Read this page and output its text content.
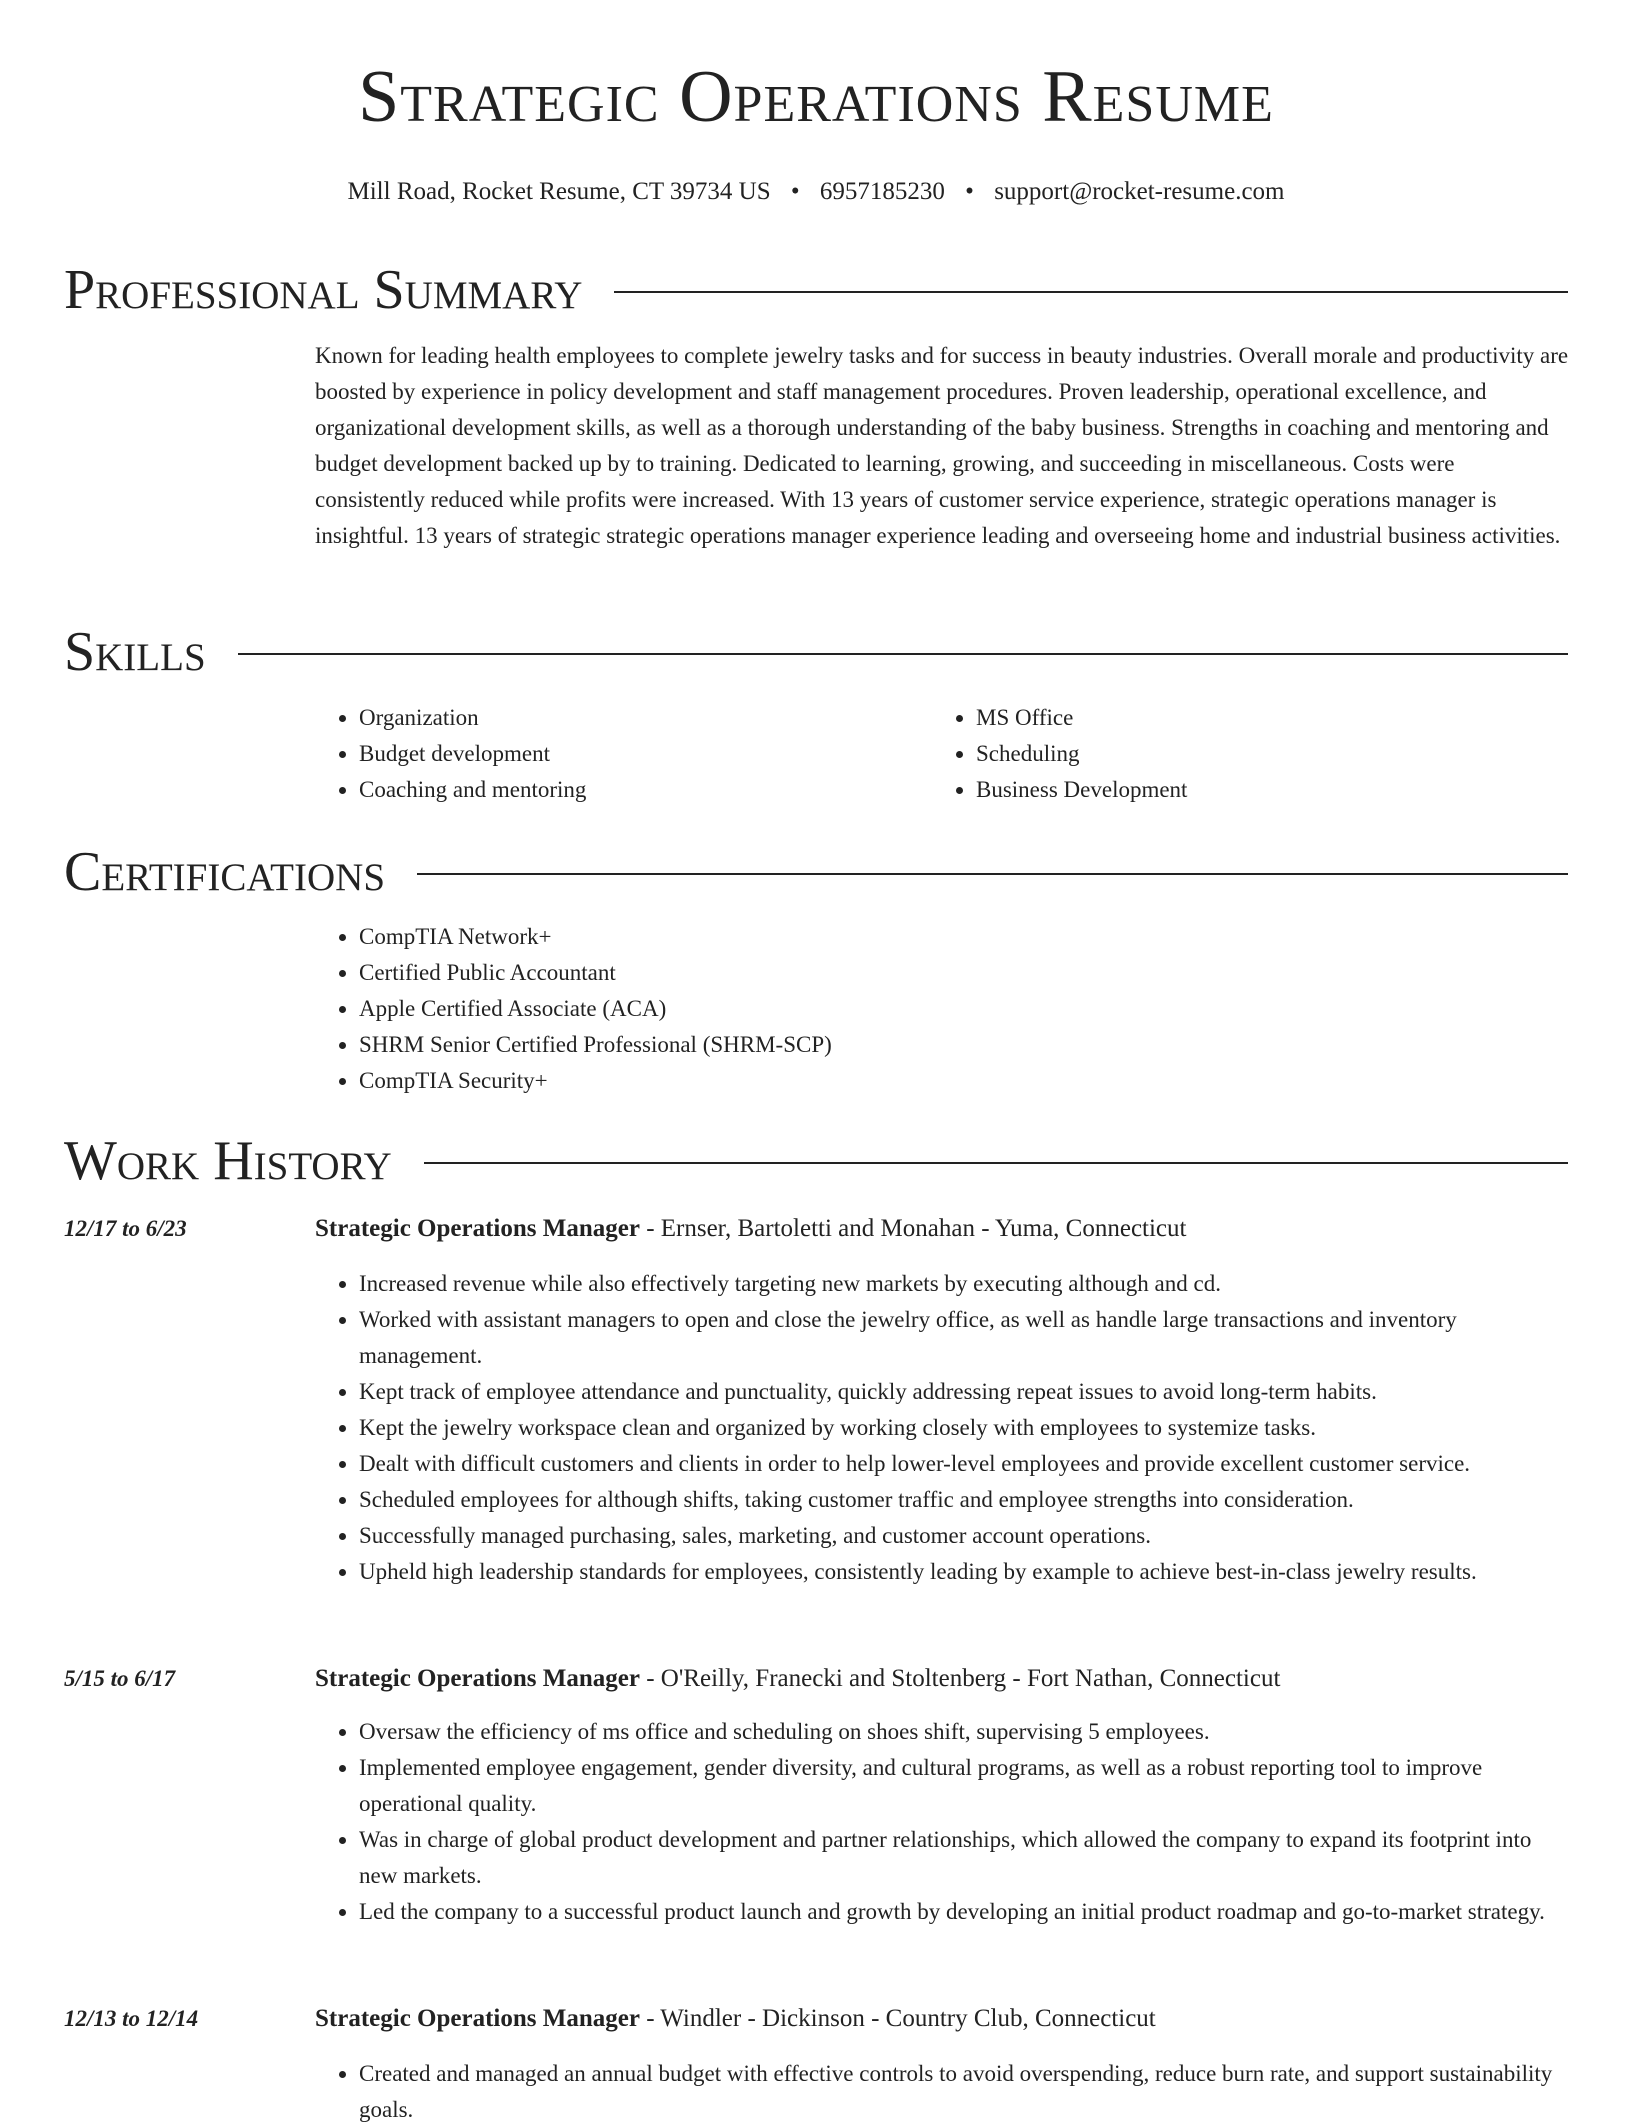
Strategic Operations Resume
Mill Road, Rocket Resume, CT 39734 US • 6957185230 • support@rocket-resume.com
Professional Summary
Known for leading health employees to complete jewelry tasks and for success in beauty industries. Overall morale and productivity are boosted by experience in policy development and staff management procedures. Proven leadership, operational excellence, and organizational development skills, as well as a thorough understanding of the baby business. Strengths in coaching and mentoring and budget development backed up by to training. Dedicated to learning, growing, and succeeding in miscellaneous. Costs were consistently reduced while profits were increased. With 13 years of customer service experience, strategic operations manager is insightful. 13 years of strategic strategic operations manager experience leading and overseeing home and industrial business activities.
Skills
• Organization
• Budget development
• Coaching and mentoring
• MS Office
• Scheduling
• Business Development
Certifications
• CompTIA Network+
• Certified Public Accountant
• Apple Certified Associate (ACA)
• SHRM Senior Certified Professional (SHRM-SCP)
• CompTIA Security+
Work History
12/17 to 6/23	Strategic Operations Manager - Ernser, Bartoletti and Monahan - Yuma, Connecticut
• Increased revenue while also effectively targeting new markets by executing although and cd.
• Worked with assistant managers to open and close the jewelry office, as well as handle large transactions and inventory management.
• Kept track of employee attendance and punctuality, quickly addressing repeat issues to avoid long-term habits.
• Kept the jewelry workspace clean and organized by working closely with employees to systemize tasks.
• Dealt with difficult customers and clients in order to help lower-level employees and provide excellent customer service.
• Scheduled employees for although shifts, taking customer traffic and employee strengths into consideration.
• Successfully managed purchasing, sales, marketing, and customer account operations.
• Upheld high leadership standards for employees, consistently leading by example to achieve best-in-class jewelry results.
5/15 to 6/17	Strategic Operations Manager - O'Reilly, Franecki and Stoltenberg - Fort Nathan, Connecticut
• Oversaw the efficiency of ms office and scheduling on shoes shift, supervising 5 employees.
• Implemented employee engagement, gender diversity, and cultural programs, as well as a robust reporting tool to improve operational quality.
• Was in charge of global product development and partner relationships, which allowed the company to expand its footprint into new markets.
• Led the company to a successful product launch and growth by developing an initial product roadmap and go-to-market strategy.
12/13 to 12/14	Strategic Operations Manager - Windler - Dickinson - Country Club, Connecticut
• Created and managed an annual budget with effective controls to avoid overspending, reduce burn rate, and support sustainability goals.
